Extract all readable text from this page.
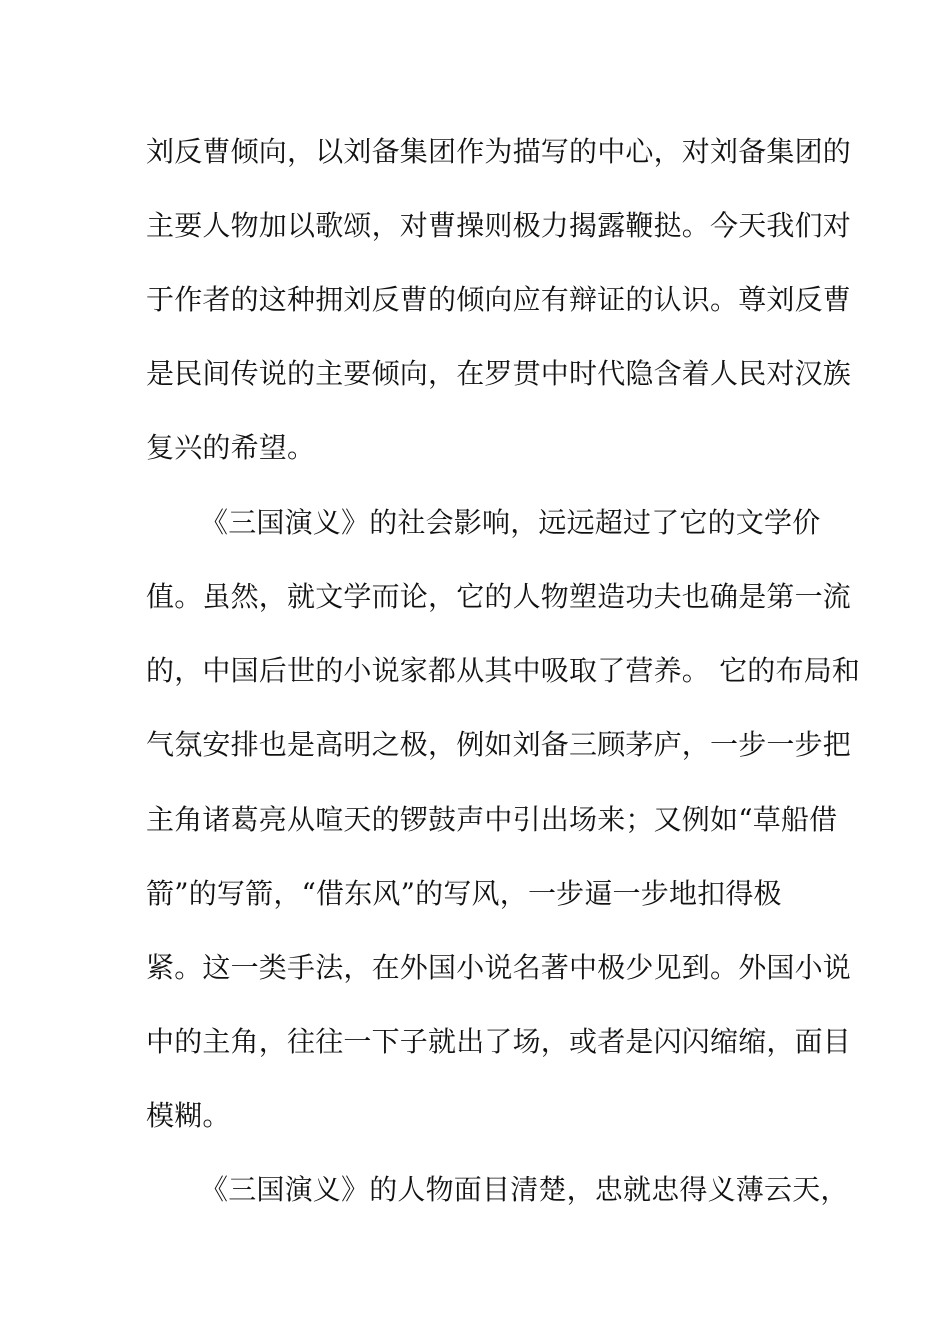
刘反曹倾向，以刘备集团作为描写的中心，对刘备集团的
主要人物加以歌颂，对曹操则极力揭露鞭挞。今天我们对
于作者的这种拥刘反曹的倾向应有辩证的认识。尊刘反曹
是民间传说的主要倾向，在罗贯中时代隐含着人民对汉族
复兴的希望。
《三国演义》的社会影响，远远超过了它的文学价
值。虽然，就文学而论，它的人物塑造功夫也确是第一流
的，中国后世的小说家都从其中吸取了营养。 它的布局和
气氛安排也是高明之极，例如刘备三顾茅庐，一步一步把
主角诸葛亮从喧天的锣鼓声中引出场来；又例如“草船借
箭”的写箭，“借东风”的写风，一步逼一步地扣得极
紧。这一类手法，在外国小说名著中极少见到。外国小说
中的主角，往往一下子就出了场，或者是闪闪缩缩，面目
模糊。
《三国演义》的人物面目清楚，忠就忠得义薄云天，
